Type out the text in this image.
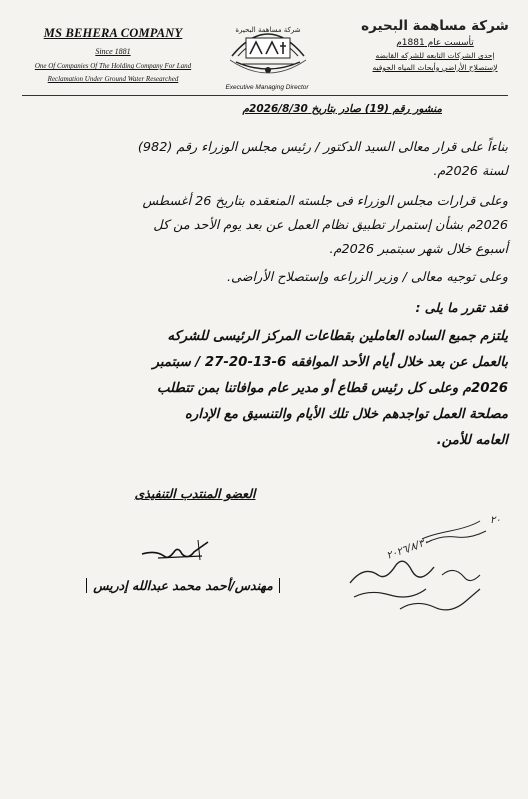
MS BEHERA COMPANY
Since 1881
One Of Companies Of The Holding Company For Land
Reclamation Under Ground Water Researched
شركة مساهمة البحيرة
Executive Managing Director
شركة مساهمة البحيره
تأسست عام 1881م
إحدى الشركات التابعه للشركه القابضه
لإستصلاح الأراضي وأبحاث المياه الجوفيه
منشور رقم (19) صادر بتاريخ 2026/8/30م
بناءاً على قرار معالى السيد الدكتور / رئيس مجلس الوزراء رقم (982)
لسنة 2026م.
وعلى قرارات مجلس الوزراء فى جلسته المنعقده بتاريخ 26 أغسطس
2026م بشأن إستمرار تطبيق نظام العمل عن بعد يوم الأحد من كل
أسبوع خلال شهر سبتمبر 2026م.
وعلى توجيه معالى / وزير الزراعه وإستصلاح الأراضى.
فقد تقرر ما يلى :
يلتزم جميع الساده العاملين بقطاعات المركز الرئيسى للشركه
بالعمل عن بعد خلال أيام الأحد الموافقه 6-13-20-27 / سبتمبر
2026م وعلى كل رئيس قطاع أو مدير عام موافاتنا بمن تتطلب
مصلحة العمل تواجدهم خلال تلك الأيام والتنسيق مع الإداره
العامه للأمن.
العضو المنتدب التنفيذى
مهندس/أحمد محمد عبدالله إدريس
٢٠
٢٠٢٦/٨/٣٠
